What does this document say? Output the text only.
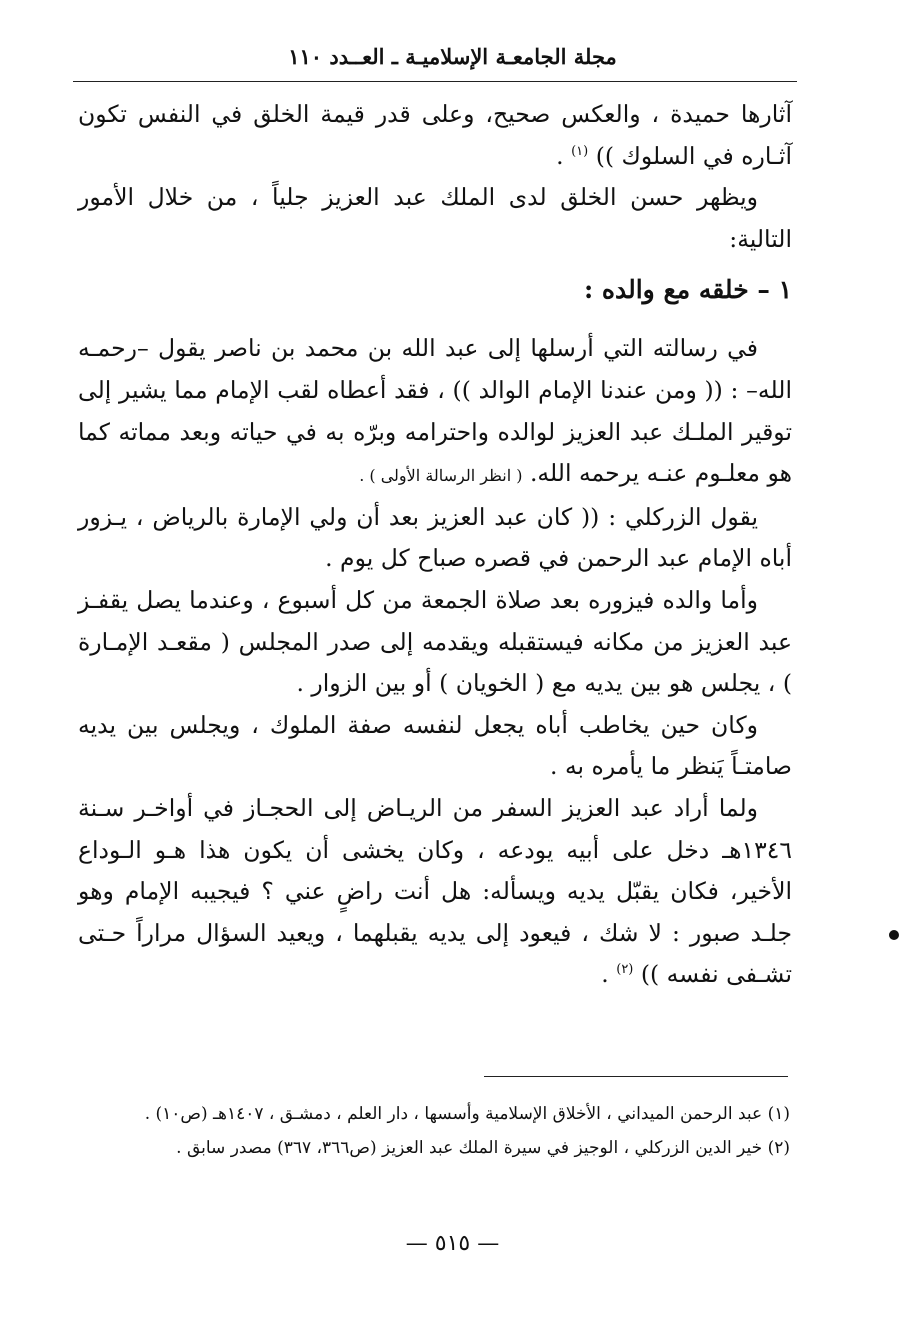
مجلة الجامعـة الإسلاميـة ـ العــدد ١١٠

آثارها حميدة ، والعكس صحيح، وعلى قدر قيمة الخلق في النفس تكون آثـاره في السلوك )) $^{(١)}$ .

ويظهر حسن الخلق لدى الملك عبد العزيز جلياً ، من خلال الأمور التالية:

١ – خلقه مع والده :

في رسالته التي أرسلها إلى عبد الله بن محمد بن ناصر يقول –رحمـه الله– : (( ومن عندنا الإمام الوالد )) ، فقد أعطاه لقب الإمام مما يشير إلى توقير الملـك عبد العزيز لوالده واحترامه وبرّه به في حياته وبعد مماته كما هو معلـوم عنـه يرحمه الله. ( انظر الرسالة الأولى ) .

يقول الزركلي : (( كان عبد العزيز بعد أن ولي الإمارة بالرياض ، يـزور أباه الإمام عبد الرحمن في قصره صباح كل يوم .

وأما والده فيزوره بعد صلاة الجمعة من كل أسبوع ، وعندما يصل يقفـز عبد العزيز من مكانه فيستقبله ويقدمه إلى صدر المجلس ( مقعـد الإمـارة ) ، يجلس هو بين يديه مع ( الخويان ) أو بين الزوار .

وكان حين يخاطب أباه يجعل لنفسه صفة الملوك ، ويجلس بين يديه صامتـاً يَنظر ما يأمره به .

ولما أراد عبد العزيز السفر من الريـاض إلى الحجـاز في أواخـر سـنة ١٣٤٦هـ دخل على أبيه يودعه ، وكان يخشى أن يكون هذا هـو الـوداع الأخير، فكان يقبّل يديه ويسأله: هل أنت راضٍ عني ؟ فيجيبه الإمام وهو جلـد صبور : لا شك ، فيعود إلى يديه يقبلهما ، ويعيد السؤال مراراً حـتى تشـفى نفسه )) $^{(٢)}$ .

(١) عبد الرحمن الميداني ، الأخلاق الإسلامية وأسسها ، دار العلم ، دمشـق ، ١٤٠٧هـ (ص١٠) .

(٢) خير الدين الزركلي ، الوجيز في سيرة الملك عبد العزيز (ص٣٦٦، ٣٦٧) مصدر سابق .

— ٥١٥ —
